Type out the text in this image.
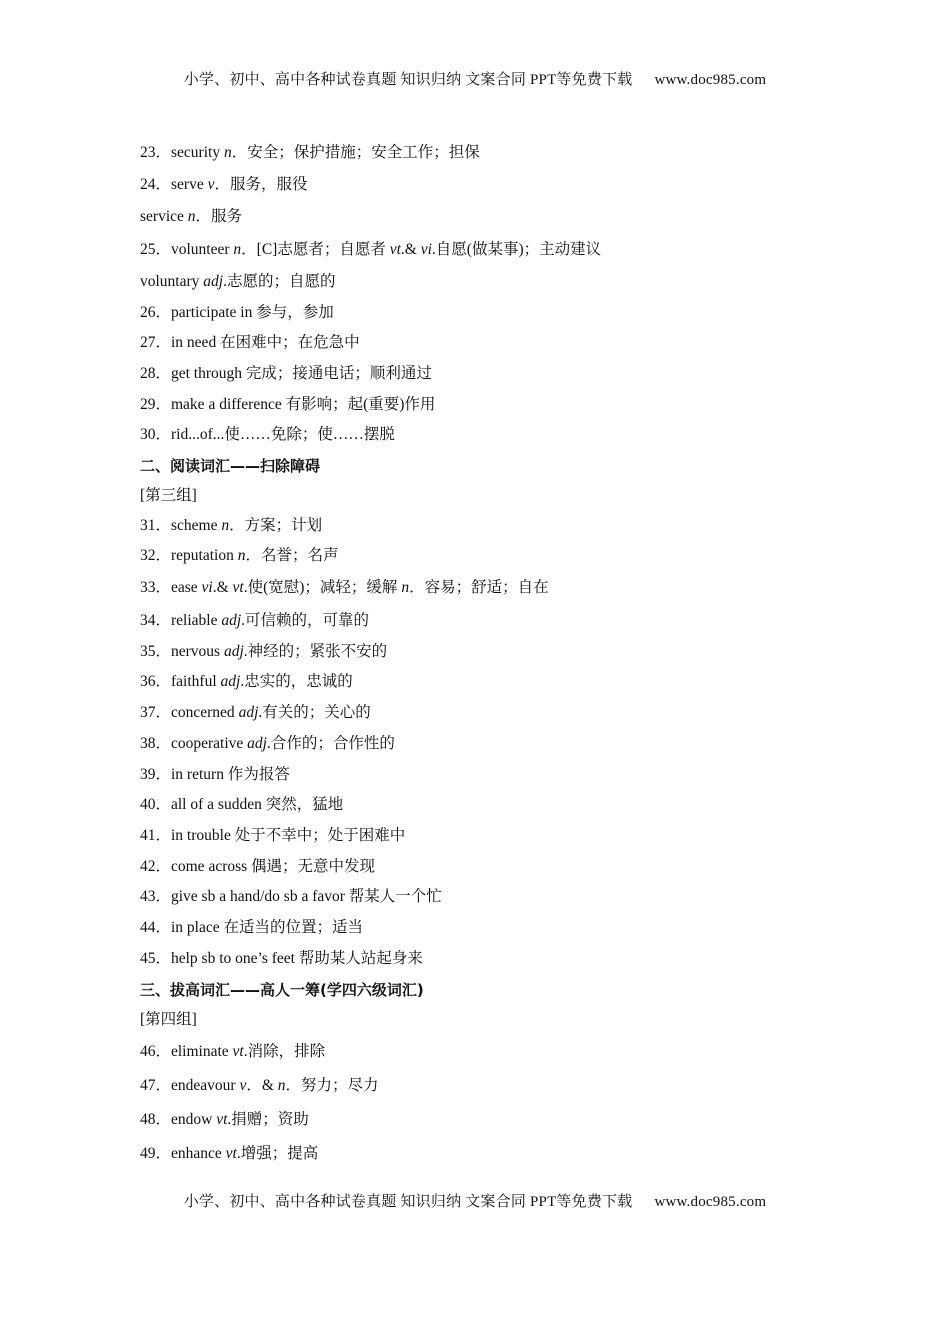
小学、初中、高中各种试卷真题 知识归纳 文案合同 PPT等免费下载 www.doc985.com
23．security n．安全；保护措施；安全工作；担保
24．serve v．服务，服役
service n．服务
25．volunteer n．[C]志愿者；自愿者 vt.& vi.自愿(做某事)；主动建议
voluntary adj.志愿的；自愿的
26．participate in 参与，参加
27．in need 在困难中；在危急中
28．get through 完成；接通电话；顺利通过
29．make a difference 有影响；起(重要)作用
30．rid...of...使……免除；使……摆脱
二、阅读词汇——扫除障碍
[第三组]
31．scheme n．方案；计划
32．reputation n．名誉；名声
33．ease vi.& vt.使(宽慰)；减轻；缓解 n．容易；舒适；自在
34．reliable adj.可信赖的，可靠的
35．nervous adj.神经的；紧张不安的
36．faithful adj.忠实的，忠诚的
37．concerned adj.有关的；关心的
38．cooperative adj.合作的；合作性的
39．in return 作为报答
40．all of a sudden 突然，猛地
41．in trouble 处于不幸中；处于困难中
42．come across 偶遇；无意中发现
43．give sb a hand/do sb a favor 帮某人一个忙
44．in place 在适当的位置；适当
45．help sb to one’s feet 帮助某人站起身来
三、拔高词汇——高人一筹(学四六级词汇)
[第四组]
46．eliminate vt.消除，排除
47．endeavour v．& n．努力；尽力
48．endow vt.捐赠；资助
49．enhance vt.增强；提高
小学、初中、高中各种试卷真题 知识归纳 文案合同 PPT等免费下载 www.doc985.com
